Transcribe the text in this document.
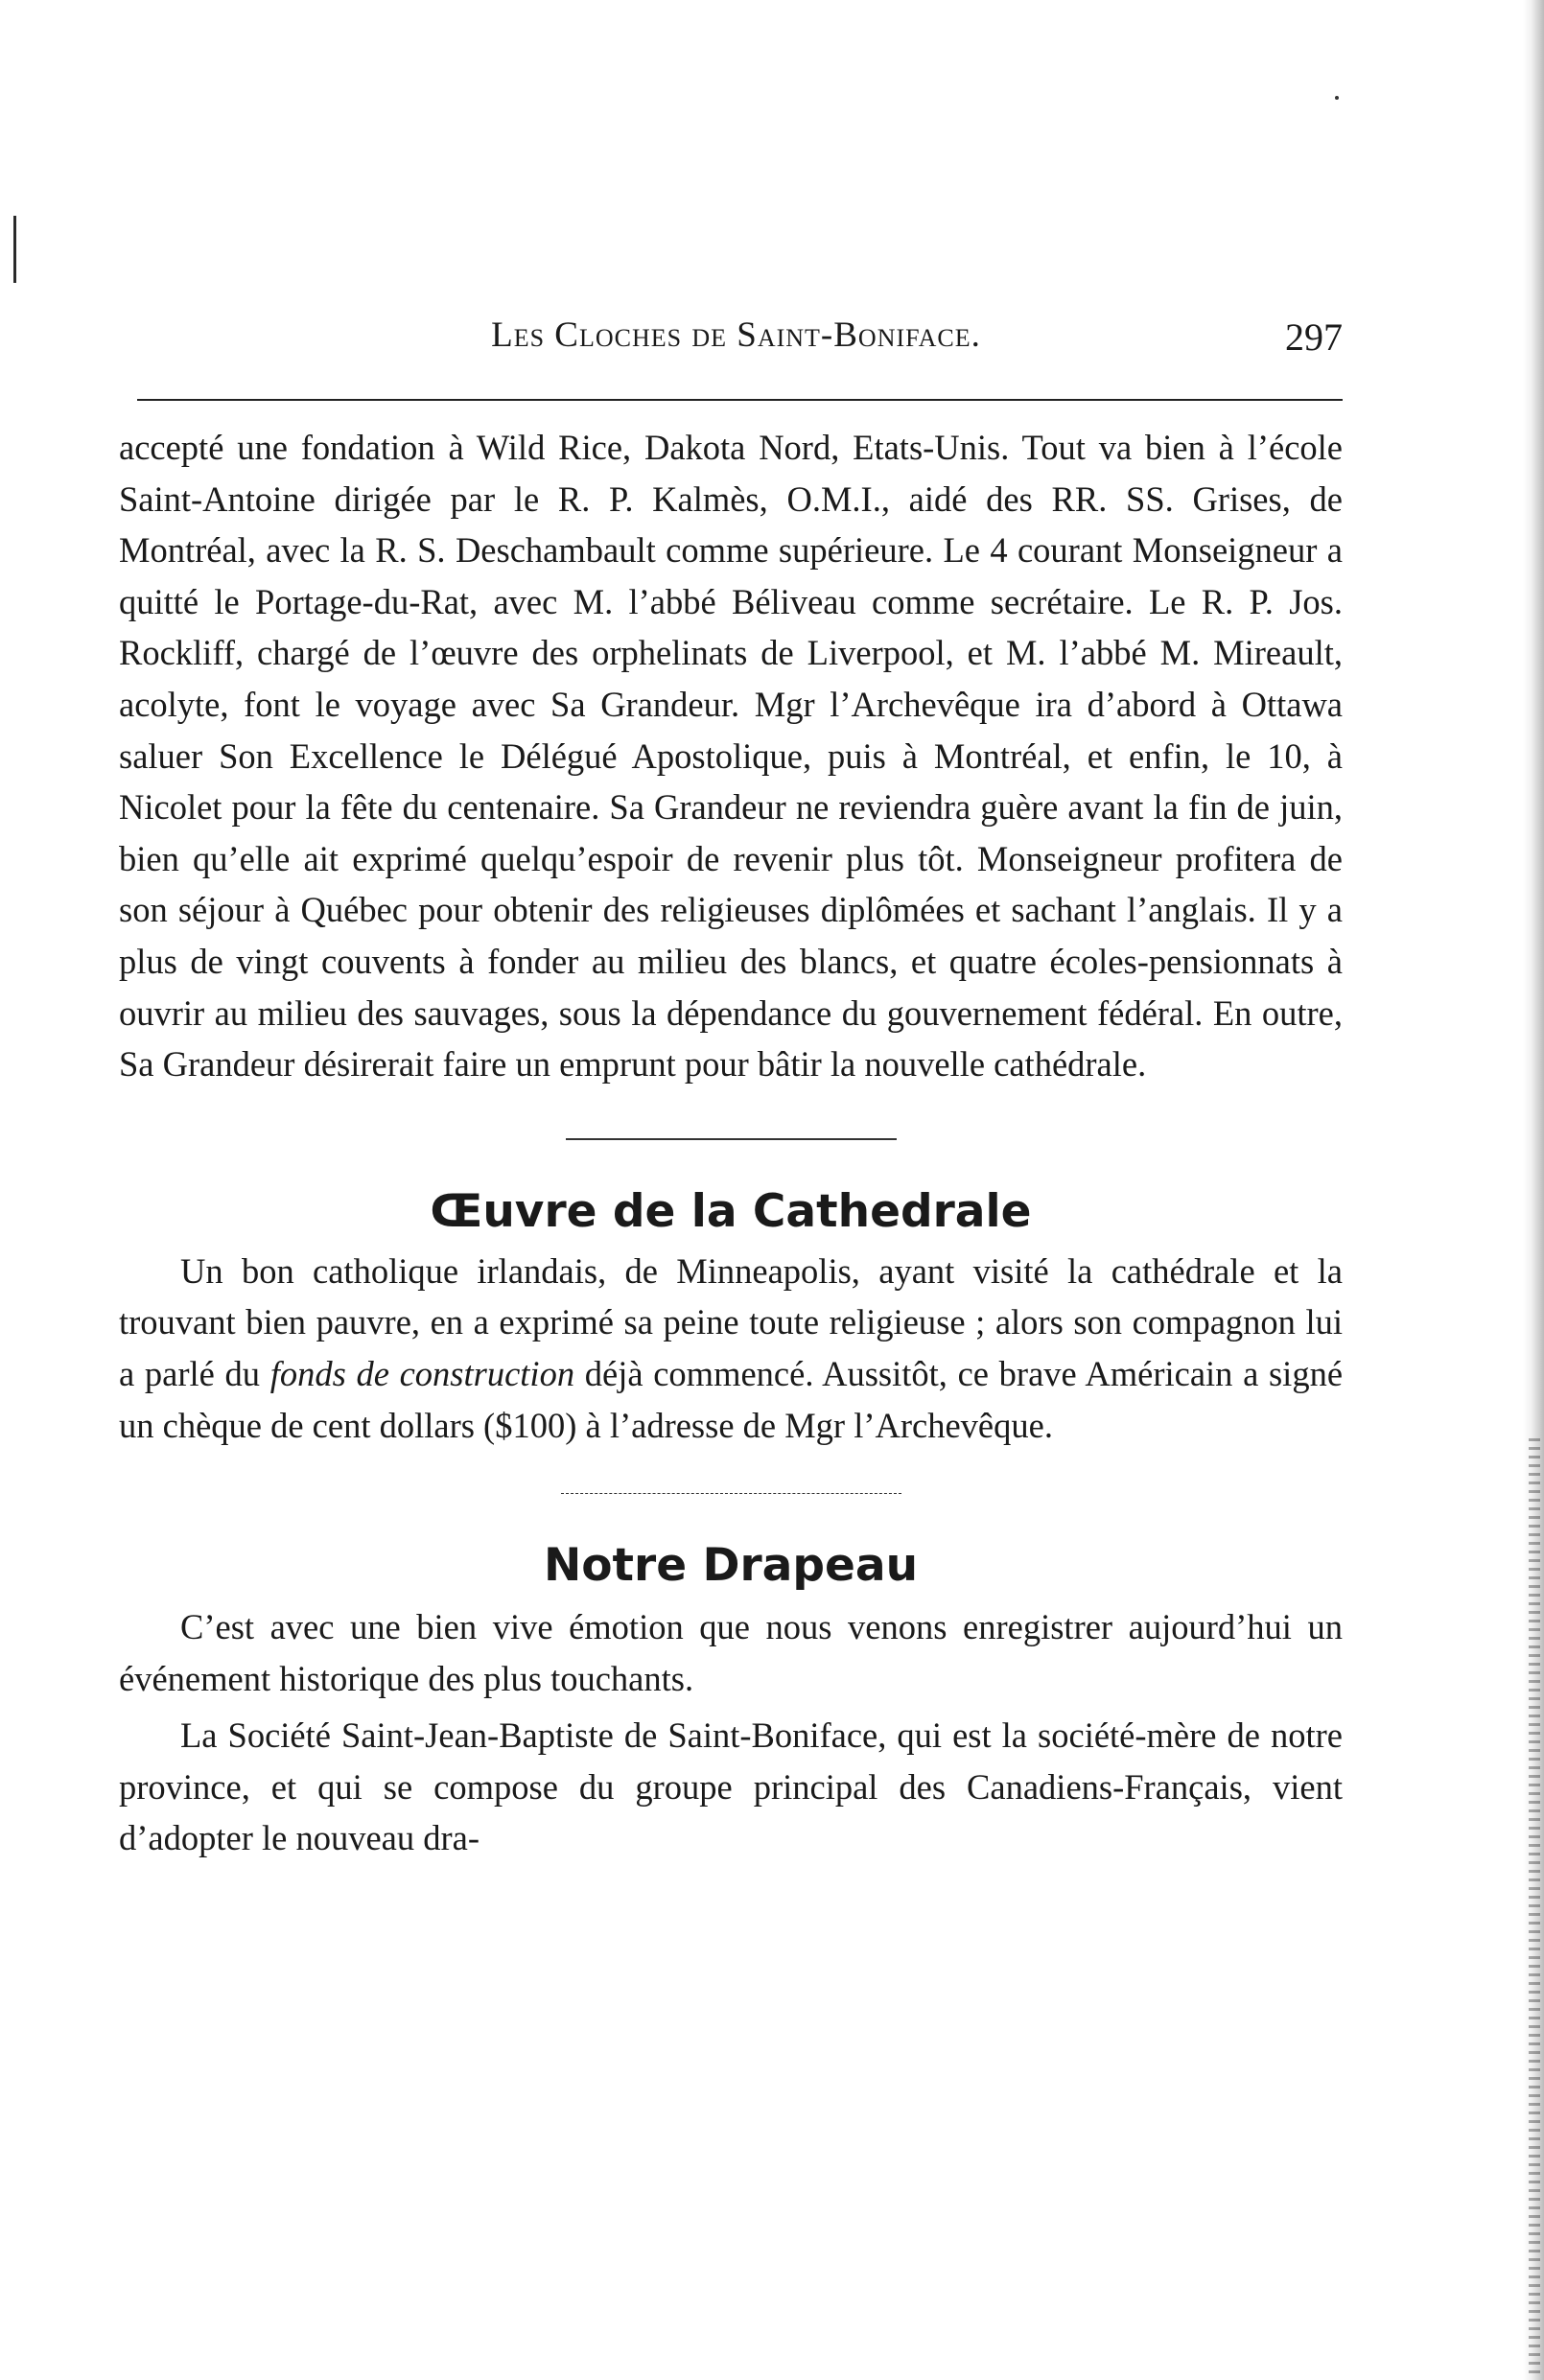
Les Cloches de Saint-Boniface.	297

accepté une fondation à Wild Rice, Dakota Nord, Etats-Unis. Tout va bien à l’école Saint-Antoine dirigée par le R. P. Kalmès, O.M.I., aidé des RR. SS. Grises, de Montréal, avec la R. S. Deschambault comme supérieure. Le 4 courant Monseigneur a quitté le Portage-du-Rat, avec M. l’abbé Béliveau comme secrétaire. Le R. P. Jos. Rockliff, chargé de l’œuvre des orphelinats de Liverpool, et M. l’abbé M. Mireault, acolyte, font le voyage avec Sa Grandeur. Mgr l’Archevêque ira d’abord à Ottawa saluer Son Excellence le Délégué Apostolique, puis à Montréal, et enfin, le 10, à Nicolet pour la fête du centenaire. Sa Grandeur ne reviendra guère avant la fin de juin, bien qu’elle ait exprimé quelqu’espoir de revenir plus tôt. Monseigneur profitera de son séjour à Québec pour obtenir des religieuses diplômées et sachant l’anglais. Il y a plus de vingt couvents à fonder au milieu des blancs, et quatre écoles-pensionnats à ouvrir au milieu des sauvages, sous la dépendance du gouvernement fédéral. En outre, Sa Grandeur désirerait faire un emprunt pour bâtir la nouvelle cathédrale.

Œuvre de la Cathedrale

Un bon catholique irlandais, de Minneapolis, ayant visité la cathédrale et la trouvant bien pauvre, en a exprimé sa peine toute religieuse ; alors son compagnon lui a parlé du fonds de construction déjà commencé. Aussitôt, ce brave Américain a signé un chèque de cent dollars ($100) à l’adresse de Mgr l’Archevêque.

Notre Drapeau

C’est avec une bien vive émotion que nous venons enregistrer aujourd’hui un événement historique des plus touchants.

La Société Saint-Jean-Baptiste de Saint-Boniface, qui est la société-mère de notre province, et qui se compose du groupe principal des Canadiens-Français, vient d’adopter le nouveau dra-
